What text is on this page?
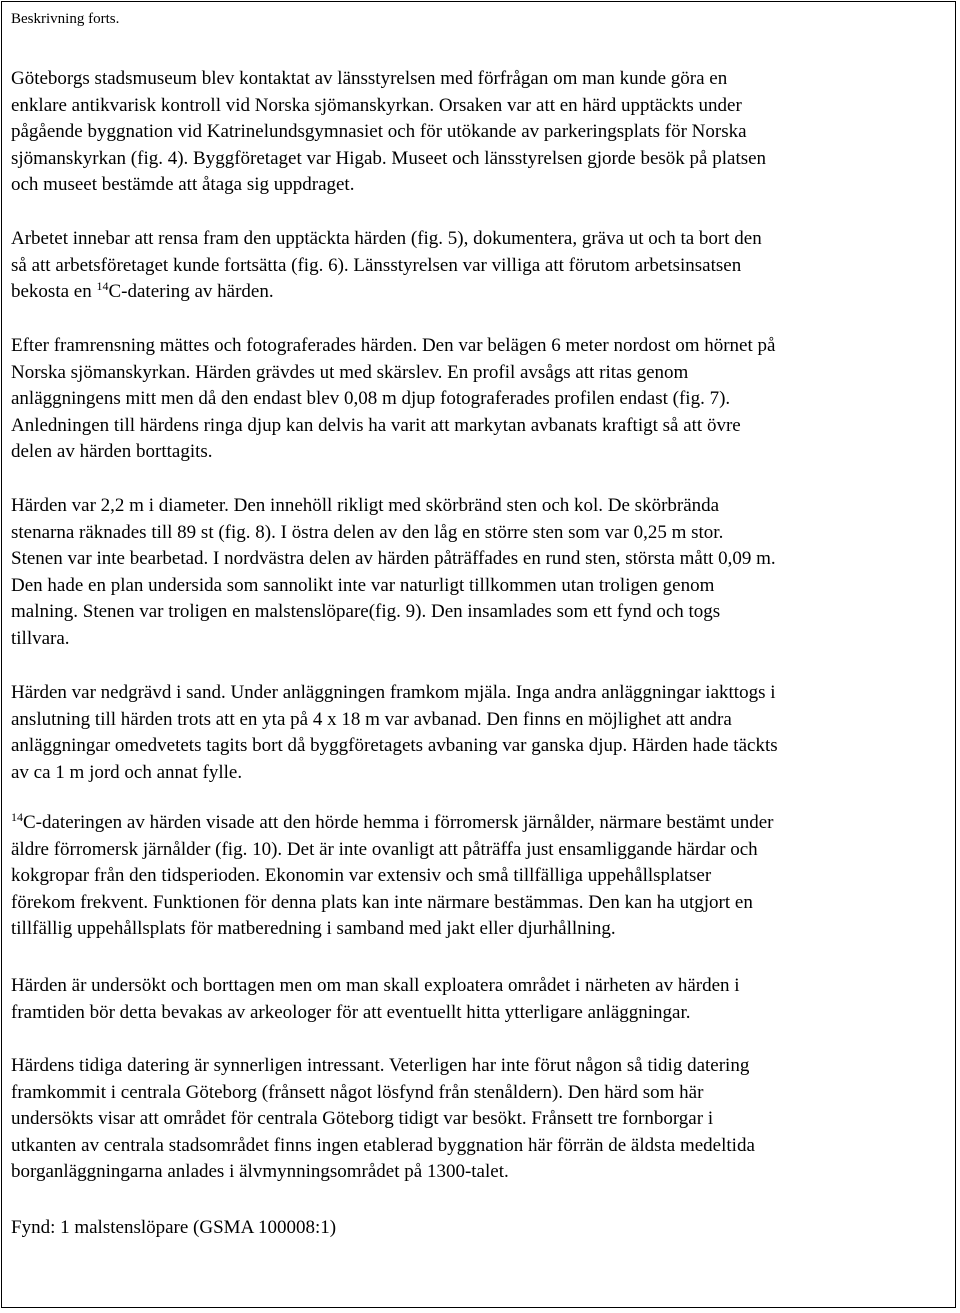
Beskrivning forts.
Göteborgs stadsmuseum blev kontaktat av länsstyrelsen med förfrågan om man kunde göra en
enklare antikvarisk kontroll vid Norska sjömanskyrkan. Orsaken var att en härd upptäckts under
pågående byggnation vid Katrinelundsgymnasiet och för utökande av parkeringsplats för Norska
sjömanskyrkan (fig. 4). Byggföretaget var Higab. Museet och länsstyrelsen gjorde besök på platsen
och museet bestämde att åtaga sig uppdraget.
Arbetet innebar att rensa fram den upptäckta härden (fig. 5), dokumentera, gräva ut och ta bort den
så att arbetsföretaget kunde fortsätta (fig. 6). Länsstyrelsen var villiga att förutom arbetsinsatsen
bekosta en $^{14}$C-datering av härden.
Efter framrensning mättes och fotograferades härden. Den var belägen 6 meter nordost om hörnet på
Norska sjömanskyrkan. Härden grävdes ut med skärslev. En profil avsågs att ritas genom
anläggningens mitt men då den endast blev 0,08 m djup fotograferades profilen endast (fig. 7).
Anledningen till härdens ringa djup kan delvis ha varit att markytan avbanats kraftigt så att övre
delen av härden borttagits.
Härden var 2,2 m i diameter. Den innehöll rikligt med skörbränd sten och kol. De skörbrända
stenarna räknades till 89 st (fig. 8). I östra delen av den låg en större sten som var 0,25 m stor.
Stenen var inte bearbetad. I nordvästra delen av härden påträffades en rund sten, största mått 0,09 m.
Den hade en plan undersida som sannolikt inte var naturligt tillkommen utan troligen genom
malning. Stenen var troligen en malstenslöpare(fig. 9). Den insamlades som ett fynd och togs
tillvara.
Härden var nedgrävd i sand. Under anläggningen framkom mjäla. Inga andra anläggningar iakttogs i
anslutning till härden trots att en yta på 4 x 18 m var avbanad. Den finns en möjlighet att andra
anläggningar omedvetets tagits bort då byggföretagets avbaning var ganska djup. Härden hade täckts
av ca 1 m jord och annat fylle.
$^{14}$C-dateringen av härden visade att den hörde hemma i förromersk järnålder, närmare bestämt under
äldre förromersk järnålder (fig. 10). Det är inte ovanligt att påträffa just ensamliggande härdar och
kokgropar från den tidsperioden. Ekonomin var extensiv och små tillfälliga uppehållsplatser
förekom frekvent. Funktionen för denna plats kan inte närmare bestämmas. Den kan ha utgjort en
tillfällig uppehållsplats för matberedning i samband med jakt eller djurhållning.
Härden är undersökt och borttagen men om man skall exploatera området i närheten av härden i
framtiden bör detta bevakas av arkeologer för att eventuellt hitta ytterligare anläggningar.
Härdens tidiga datering är synnerligen intressant. Veterligen har inte förut någon så tidig datering
framkommit i centrala Göteborg (frånsett något lösfynd från stenåldern). Den härd som här
undersökts visar att området för centrala Göteborg tidigt var besökt. Frånsett tre fornborgar i
utkanten av centrala stadsområdet finns ingen etablerad byggnation här förrän de äldsta medeltida
borganläggningarna anlades i älvmynningsområdet på 1300-talet.
Fynd: 1 malstenslöpare (GSMA 100008:1)
